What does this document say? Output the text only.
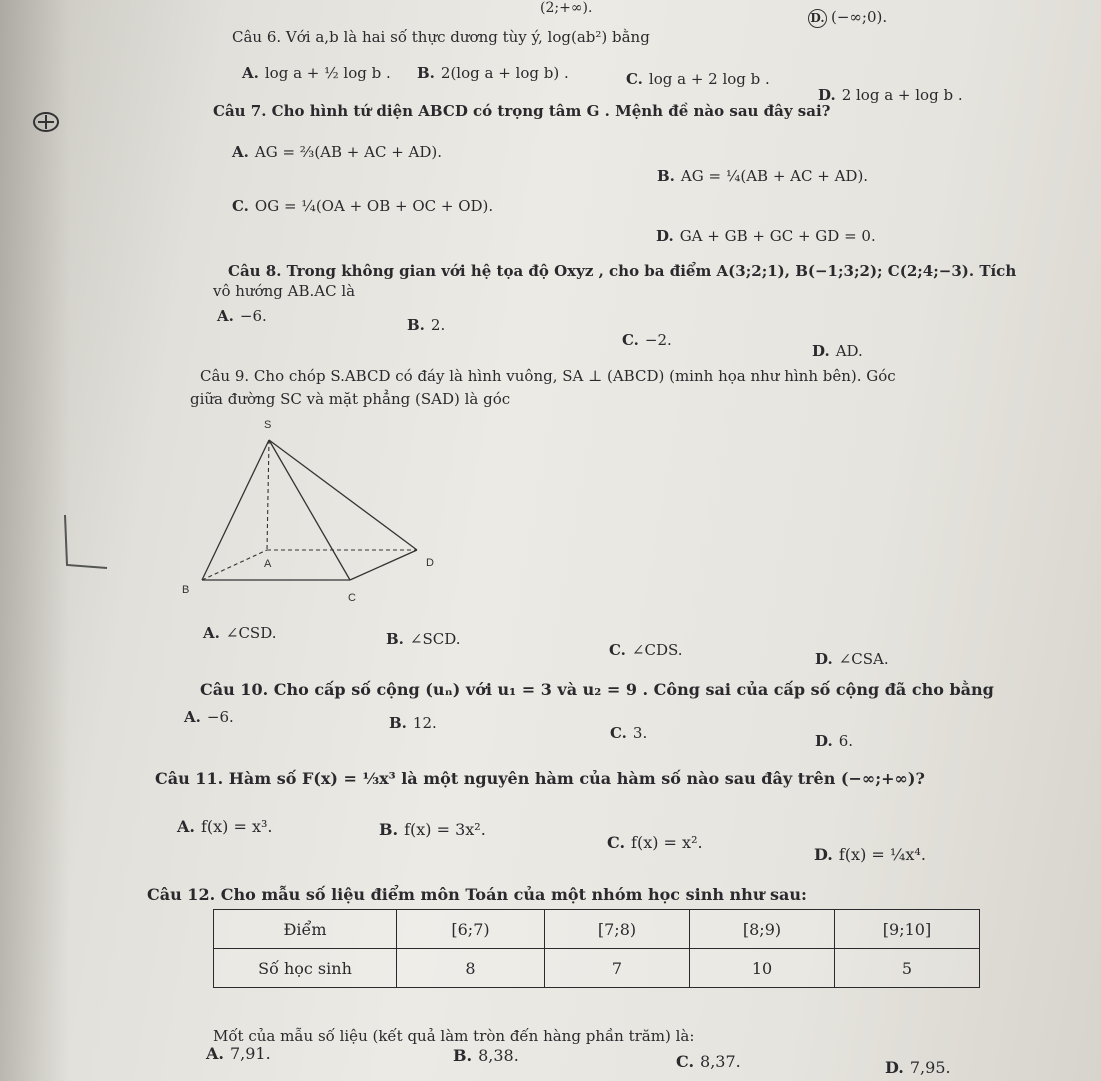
(2;+∞).
D. (−∞;0).
Câu 6. Với a,b là hai số thực dương tùy ý, log(ab²) bằng
A. log a + ½ log b . B. 2(log a + log b) .	C. log a + 2 log b .
D. 2 log a + log b .
Câu 7. Cho hình tứ diện ABCD có trọng tâm G . Mệnh đề nào sau đây sai?
A. AG = ⅔(AB + AC + AD).
B. AG = ¼(AB + AC + AD).
C. OG = ¼(OA + OB + OC + OD).
D. GA + GB + GC + GD = 0.
Câu 8. Trong không gian với hệ tọa độ Oxyz , cho ba điểm A(3;2;1), B(−1;3;2); C(2;4;−3). Tích
vô hướng AB.AC là
A. −6.	B. 2.
C. −2.
D. AD.
Câu 9. Cho chóp S.ABCD có đáy là hình vuông, SA ⊥ (ABCD) (minh họa như hình bên). Góc
giữa đường SC và mặt phẳng (SAD) là góc
S
A
B
C
D
A. ∠CSD.	B. ∠SCD.
C. ∠CDS.	D. ∠CSA.
Câu 10. Cho cấp số cộng (uₙ) với u₁ = 3 và u₂ = 9 . Công sai của cấp số cộng đã cho bằng
A. −6.	B. 12.
C. 3.	D. 6.
Câu 11. Hàm số F(x) = ⅓x³ là một nguyên hàm của hàm số nào sau đây trên (−∞;+∞)?
A. f(x) = x³.	B. f(x) = 3x².
C. f(x) = x².
D. f(x) = ¼x⁴.
Câu 12. Cho mẫu số liệu điểm môn Toán của một nhóm học sinh như sau:
Điểm	[6;7)	[7;8)	[8;9)	[9;10]
Số học sinh	8	7	10	5
Mốt của mẫu số liệu (kết quả làm tròn đến hàng phần trăm) là:
A. 7,91.	B. 8,38.	C. 8,37.	D. 7,95.
